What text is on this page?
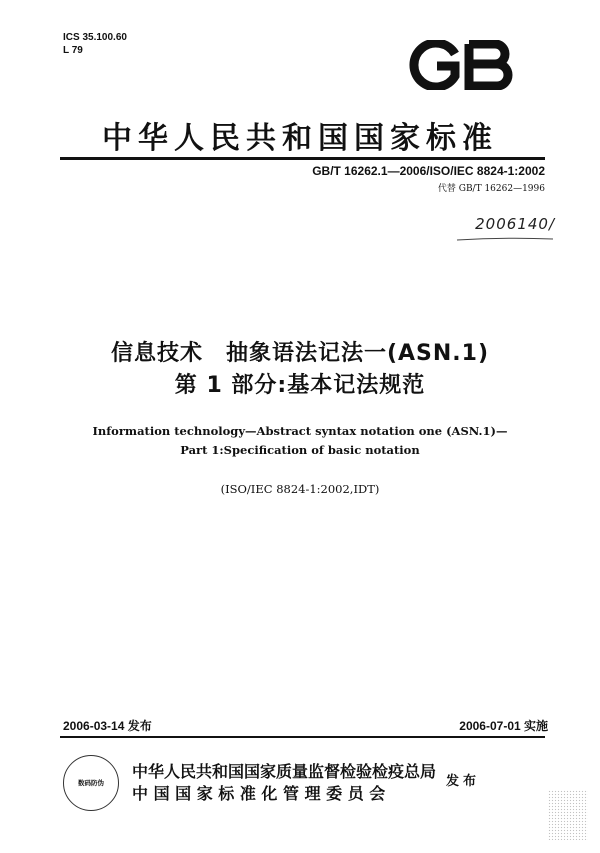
ICS 35.100.60
L 79
中华人民共和国国家标准
GB/T 16262.1—2006/ISO/IEC 8824-1:2002
代替 GB/T 16262—1996
2006140/
信息技术　抽象语法记法一(ASN.1)
第 1 部分:基本记法规范
Information technology—Abstract syntax notation one (ASN.1)—
Part 1:Specification of basic notation
(ISO/IEC 8824-1:2002,IDT)
2006-03-14 发布	2006-07-01 实施
数码防伪
中华人民共和国国家质量监督检验检疫总局
中 国 国 家 标 准 化 管 理 委 员 会
发布
